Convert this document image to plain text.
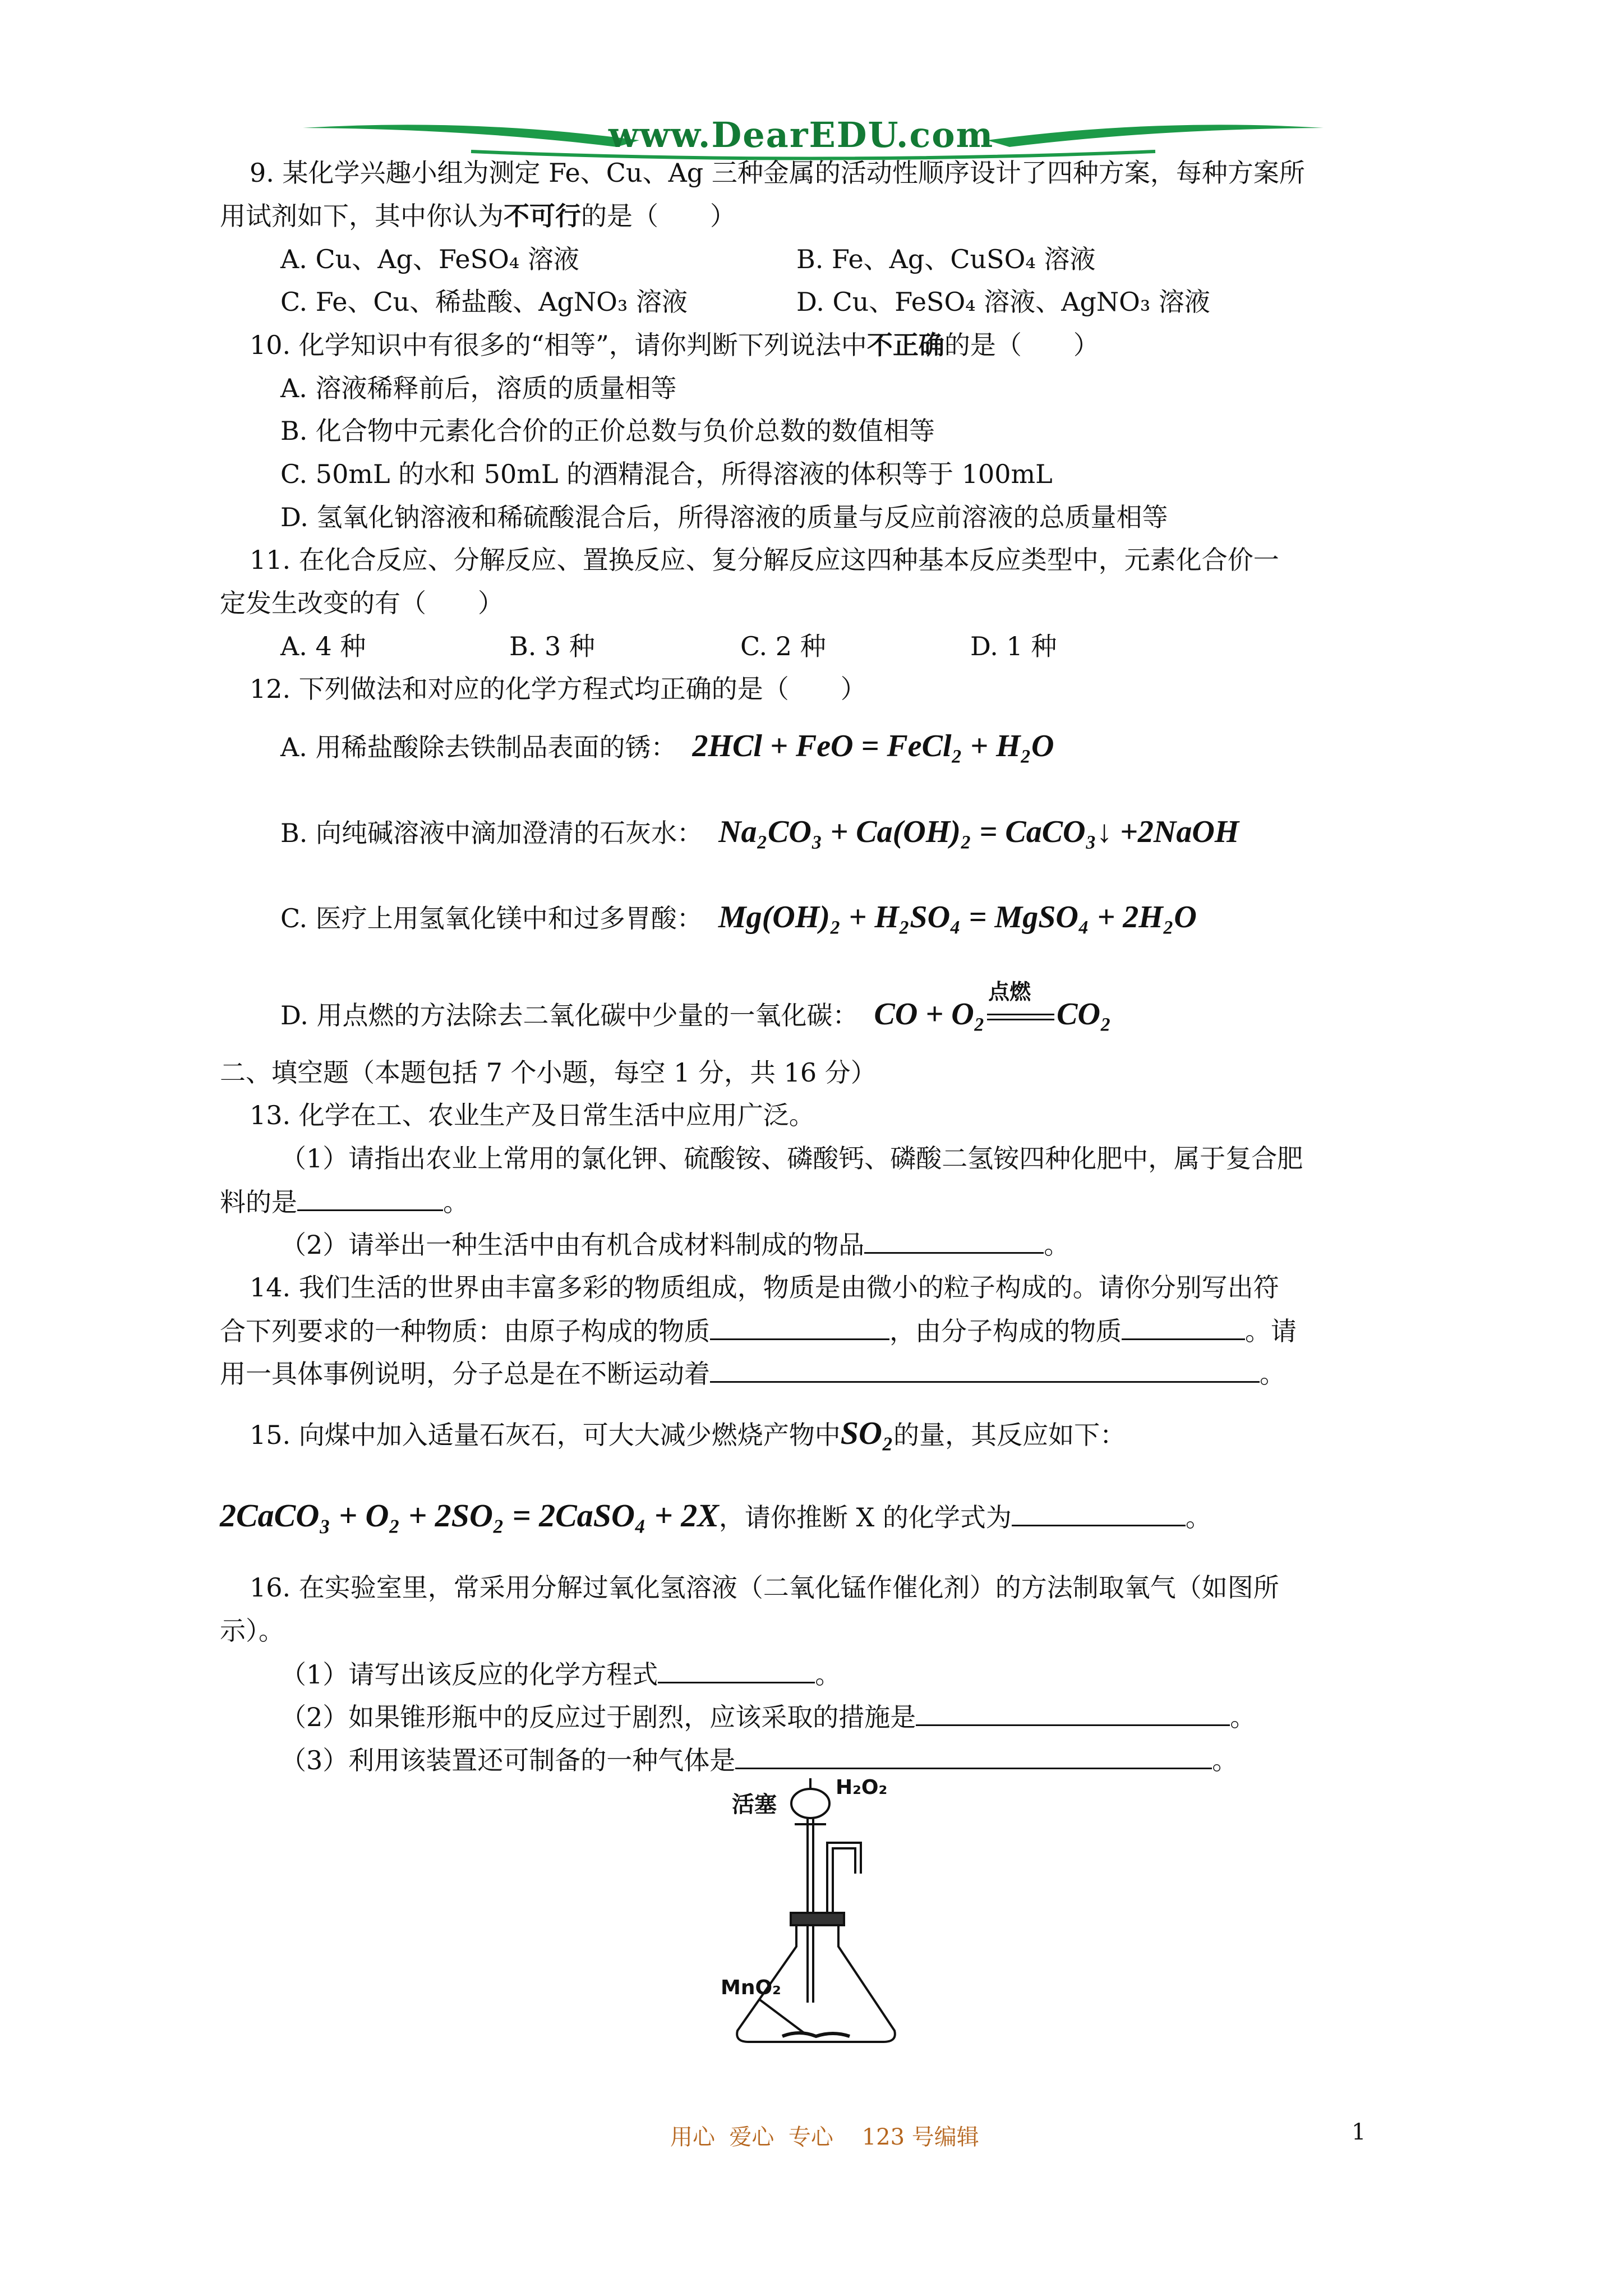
www.DearEDU.com
9. 某化学兴趣小组为测定 Fe、Cu、Ag 三种金属的活动性顺序设计了四种方案，每种方案所
用试剂如下，其中你认为不可行的是（　　）
A. Cu、Ag、FeSO₄ 溶液	B. Fe、Ag、CuSO₄ 溶液
C. Fe、Cu、稀盐酸、AgNO₃ 溶液	D. Cu、FeSO₄ 溶液、AgNO₃ 溶液
10. 化学知识中有很多的“相等”，请你判断下列说法中不正确的是（　　）
A. 溶液稀释前后，溶质的质量相等
B. 化合物中元素化合价的正价总数与负价总数的数值相等
C. 50mL 的水和 50mL 的酒精混合，所得溶液的体积等于 100mL
D. 氢氧化钠溶液和稀硫酸混合后，所得溶液的质量与反应前溶液的总质量相等
11. 在化合反应、分解反应、置换反应、复分解反应这四种基本反应类型中，元素化合价一
定发生改变的有（　　）
A. 4 种	B. 3 种	C. 2 种	D. 1 种
12. 下列做法和对应的化学方程式均正确的是（　　）
A. 用稀盐酸除去铁制品表面的锈： 2HCl + FeO = FeCl₂ + H₂O
B. 向纯碱溶液中滴加澄清的石灰水： Na₂CO₃ + Ca(OH)₂ = CaCO₃↓ +2NaOH
C. 医疗上用氢氧化镁中和过多胃酸： Mg(OH)₂ + H₂SO₄ = MgSO₄ + 2H₂O
D. 用点燃的方法除去二氧化碳中少量的一氧化碳： CO + O₂
点燃
CO₂
二、填空题（本题包括 7 个小题，每空 1 分，共 16 分）
13. 化学在工、农业生产及日常生活中应用广泛。
（1）请指出农业上常用的氯化钾、硫酸铵、磷酸钙、磷酸二氢铵四种化肥中，属于复合肥
料的是	。
（2）请举出一种生活中由有机合成材料制成的物品	。
14. 我们生活的世界由丰富多彩的物质组成，物质是由微小的粒子构成的。请你分别写出符
合下列要求的一种物质：由原子构成的物质	，由分子构成的物质	。请
用一具体事例说明，分子总是在不断运动着	。
15. 向煤中加入适量石灰石，可大大减少燃烧产物中SO₂的量，其反应如下：
2CaCO₃ + O₂ + 2SO₂ = 2CaSO₄ + 2X，请你推断 X 的化学式为	。
16. 在实验室里，常采用分解过氧化氢溶液（二氧化锰作催化剂）的方法制取氧气（如图所
示）。
（1）请写出该反应的化学方程式	。
（2）如果锥形瓶中的反应过于剧烈，应该采取的措施是	。
（3）利用该装置还可制备的一种气体是	。
活塞
H₂O₂
MnO₂
用心  爱心  专心    123 号编辑	1
